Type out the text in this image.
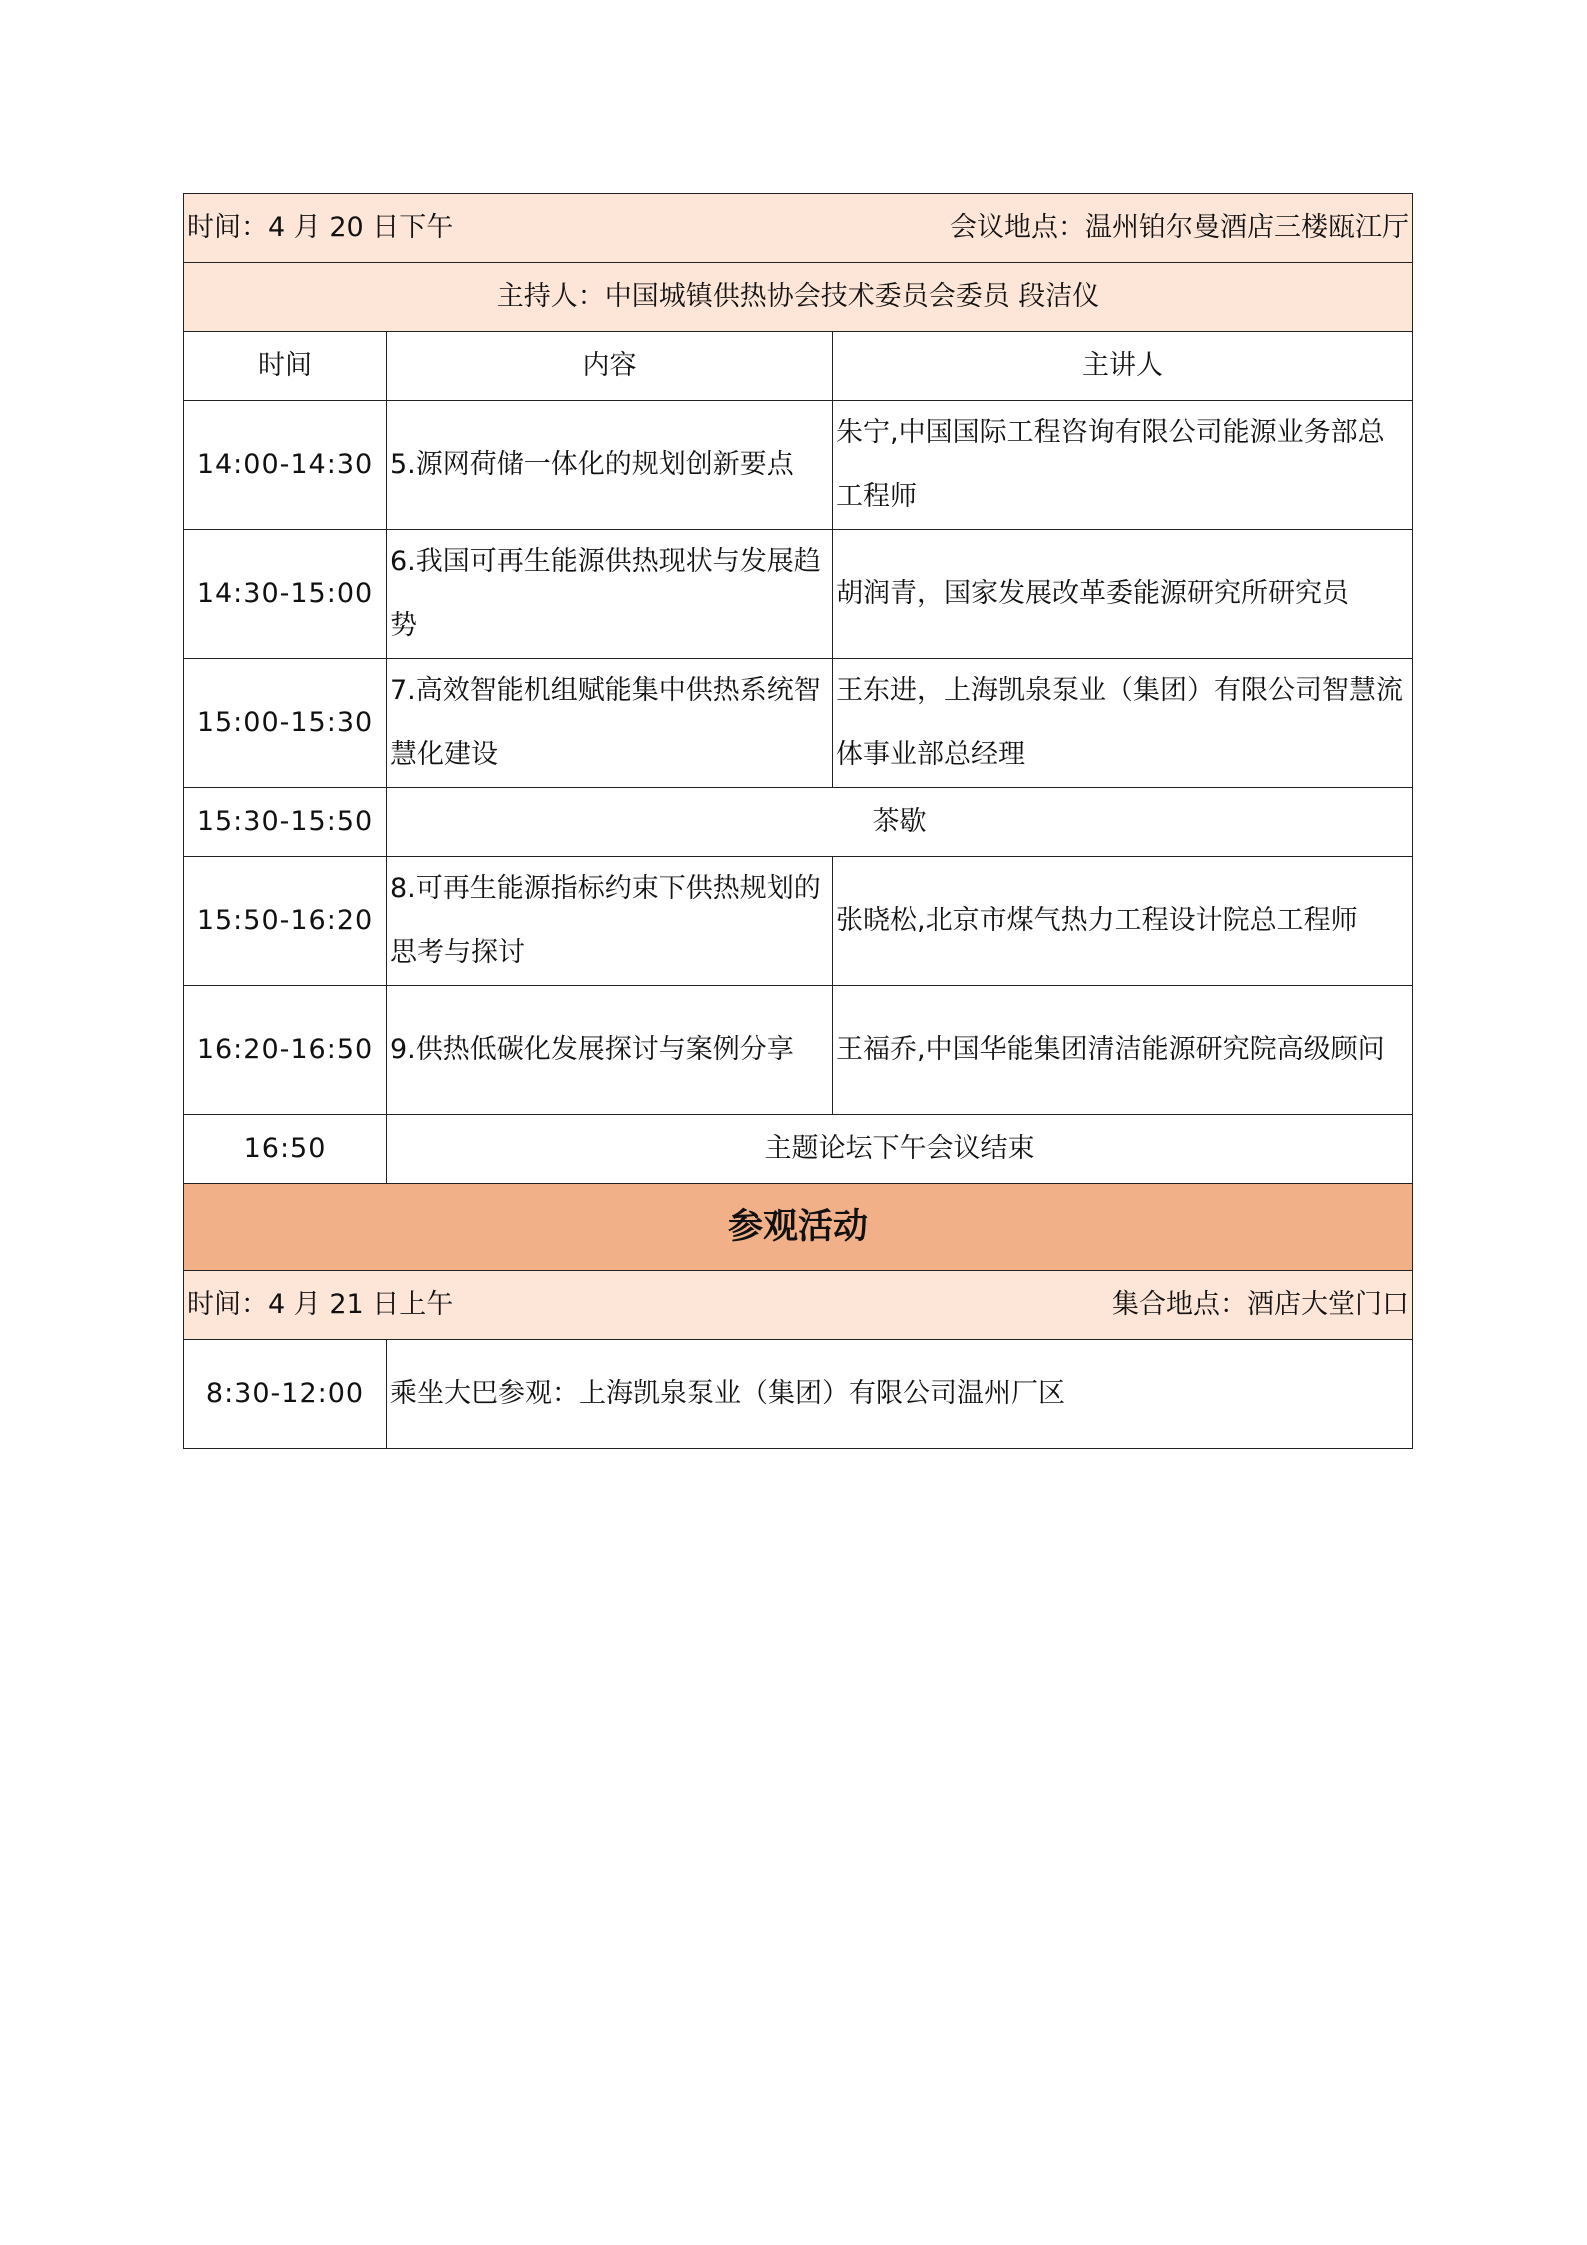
时间：4 月 20 日下午 会议地点：温州铂尔曼酒店三楼瓯江厅		

主持人：中国城镇供热协会技术委员会委员 段洁仪		
时间	内容	主讲人
14:00-14:30	5.源网荷储一体化的规划创新要点	朱宁,中国国际工程咨询有限公司能源业务部总工程师
14:30-15:00	6.我国可再生能源供热现状与发展趋势	胡润青，国家发展改革委能源研究所研究员
15:00-15:30	7.高效智能机组赋能集中供热系统智慧化建设	王东进，上海凯泉泵业（集团）有限公司智慧流体事业部总经理
15:30-15:50	茶歇	
15:50-16:20	8.可再生能源指标约束下供热规划的思考与探讨	张晓松,北京市煤气热力工程设计院总工程师
16:20-16:50	9.供热低碳化发展探讨与案例分享	王福乔,中国华能集团清洁能源研究院高级顾问
16:50	主题论坛下午会议结束	
参观活动		

时间：4 月 21 日上午 集合地点：酒店大堂门口		

8:30-12:00	乘坐大巴参观：上海凯泉泵业（集团）有限公司温州厂区	
